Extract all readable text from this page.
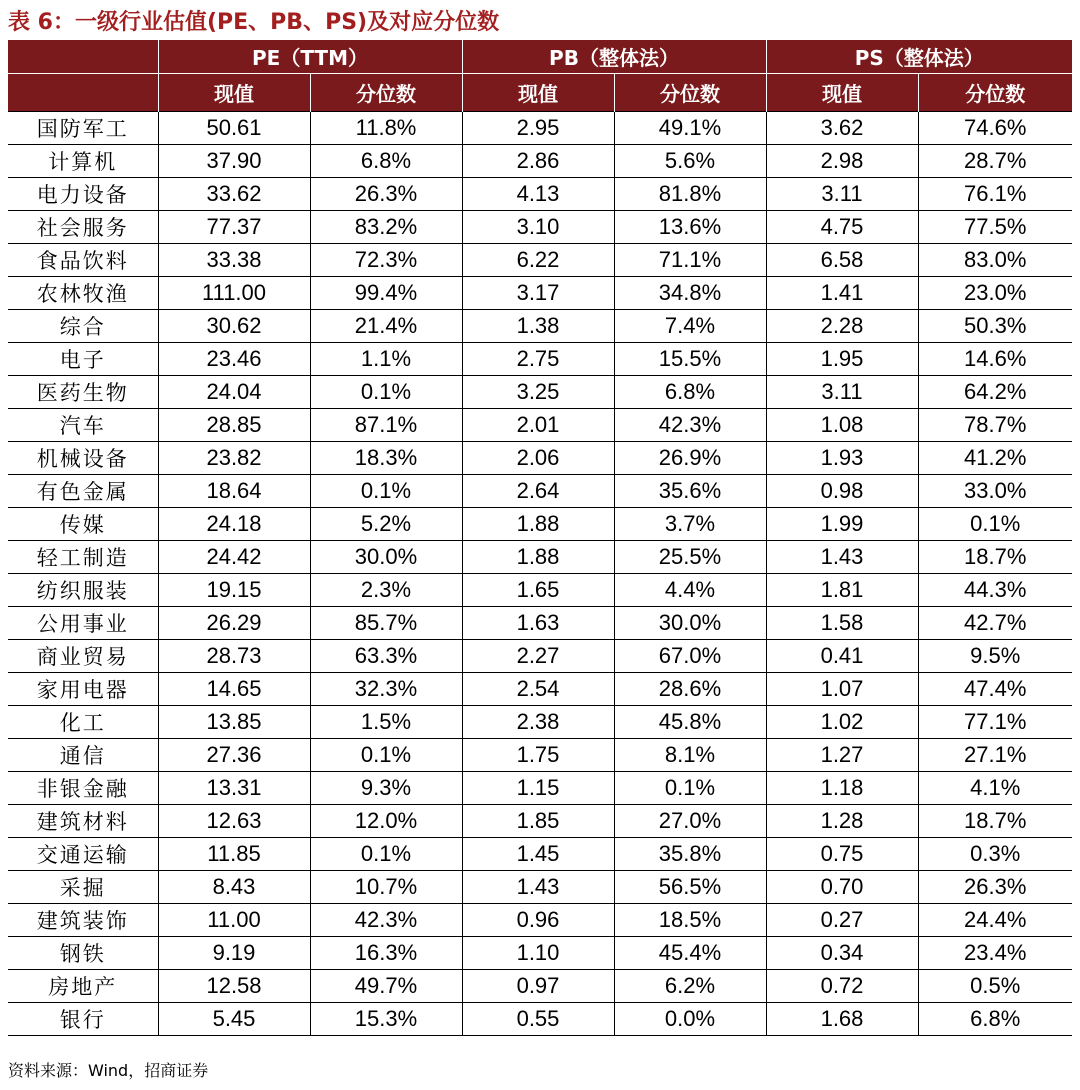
表 6：一级行业估值(PE、PB、PS)及对应分位数
	PE（TTM）		PB（整体法）		PS（整体法）	
	现值	分位数	现值	分位数	现值	分位数
国防军工	50.61	11.8%	2.95	49.1%	3.62	74.6%
计算机	37.90	6.8%	2.86	5.6%	2.98	28.7%
电力设备	33.62	26.3%	4.13	81.8%	3.11	76.1%
社会服务	77.37	83.2%	3.10	13.6%	4.75	77.5%
食品饮料	33.38	72.3%	6.22	71.1%	6.58	83.0%
农林牧渔	111.00	99.4%	3.17	34.8%	1.41	23.0%
综合	30.62	21.4%	1.38	7.4%	2.28	50.3%
电子	23.46	1.1%	2.75	15.5%	1.95	14.6%
医药生物	24.04	0.1%	3.25	6.8%	3.11	64.2%
汽车	28.85	87.1%	2.01	42.3%	1.08	78.7%
机械设备	23.82	18.3%	2.06	26.9%	1.93	41.2%
有色金属	18.64	0.1%	2.64	35.6%	0.98	33.0%
传媒	24.18	5.2%	1.88	3.7%	1.99	0.1%
轻工制造	24.42	30.0%	1.88	25.5%	1.43	18.7%
纺织服装	19.15	2.3%	1.65	4.4%	1.81	44.3%
公用事业	26.29	85.7%	1.63	30.0%	1.58	42.7%
商业贸易	28.73	63.3%	2.27	67.0%	0.41	9.5%
家用电器	14.65	32.3%	2.54	28.6%	1.07	47.4%
化工	13.85	1.5%	2.38	45.8%	1.02	77.1%
通信	27.36	0.1%	1.75	8.1%	1.27	27.1%
非银金融	13.31	9.3%	1.15	0.1%	1.18	4.1%
建筑材料	12.63	12.0%	1.85	27.0%	1.28	18.7%
交通运输	11.85	0.1%	1.45	35.8%	0.75	0.3%
采掘	8.43	10.7%	1.43	56.5%	0.70	26.3%
建筑装饰	11.00	42.3%	0.96	18.5%	0.27	24.4%
钢铁	9.19	16.3%	1.10	45.4%	0.34	23.4%
房地产	12.58	49.7%	0.97	6.2%	0.72	0.5%
银行	5.45	15.3%	0.55	0.0%	1.68	6.8%
资料来源：Wind，招商证券
